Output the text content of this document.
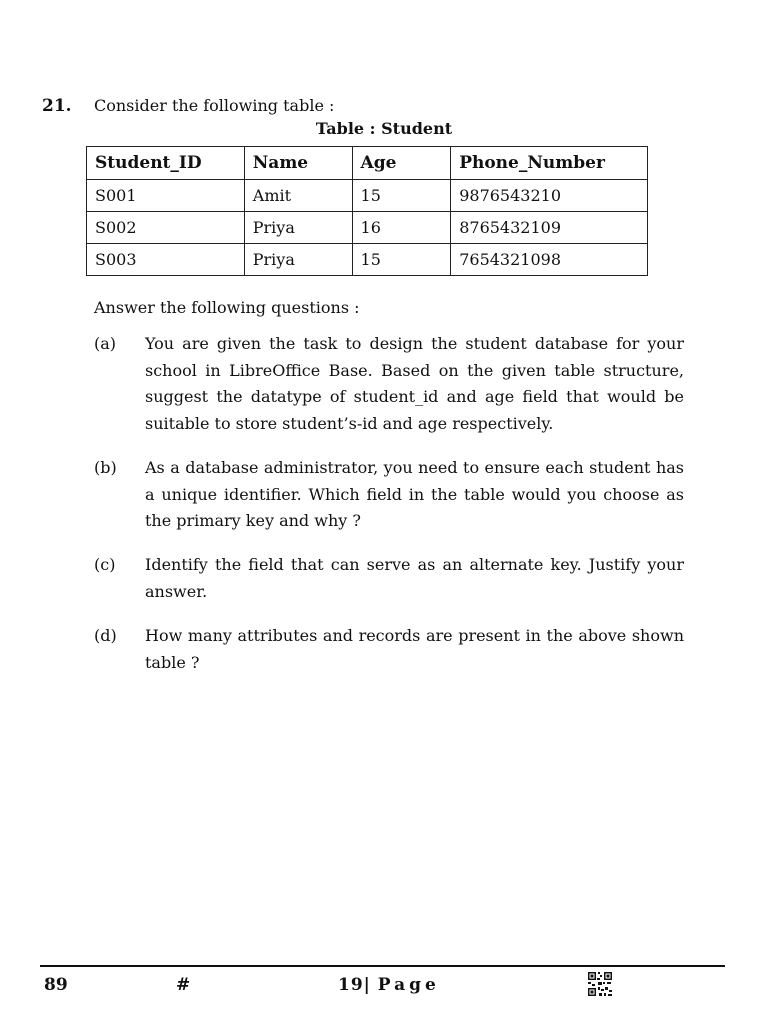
21. Consider the following table :
Table : Student
Student_ID	Name	Age	Phone_Number
S001	Amit	15	9876543210
S002	Priya	16	8765432109
S003	Priya	15	7654321098
Answer the following questions :
(a) You are given the task to design the student database for your school in LibreOffice Base. Based on the given table structure, suggest the datatype of student_id and age field that would be suitable to store student’s-id and age respectively.
(b) As a database administrator, you need to ensure each student has a unique identifier. Which field in the table would you choose as the primary key and why ?
(c) Identify the field that can serve as an alternate key. Justify your answer.
(d) How many attributes and records are present in the above shown table ?
89	#	19| Page
